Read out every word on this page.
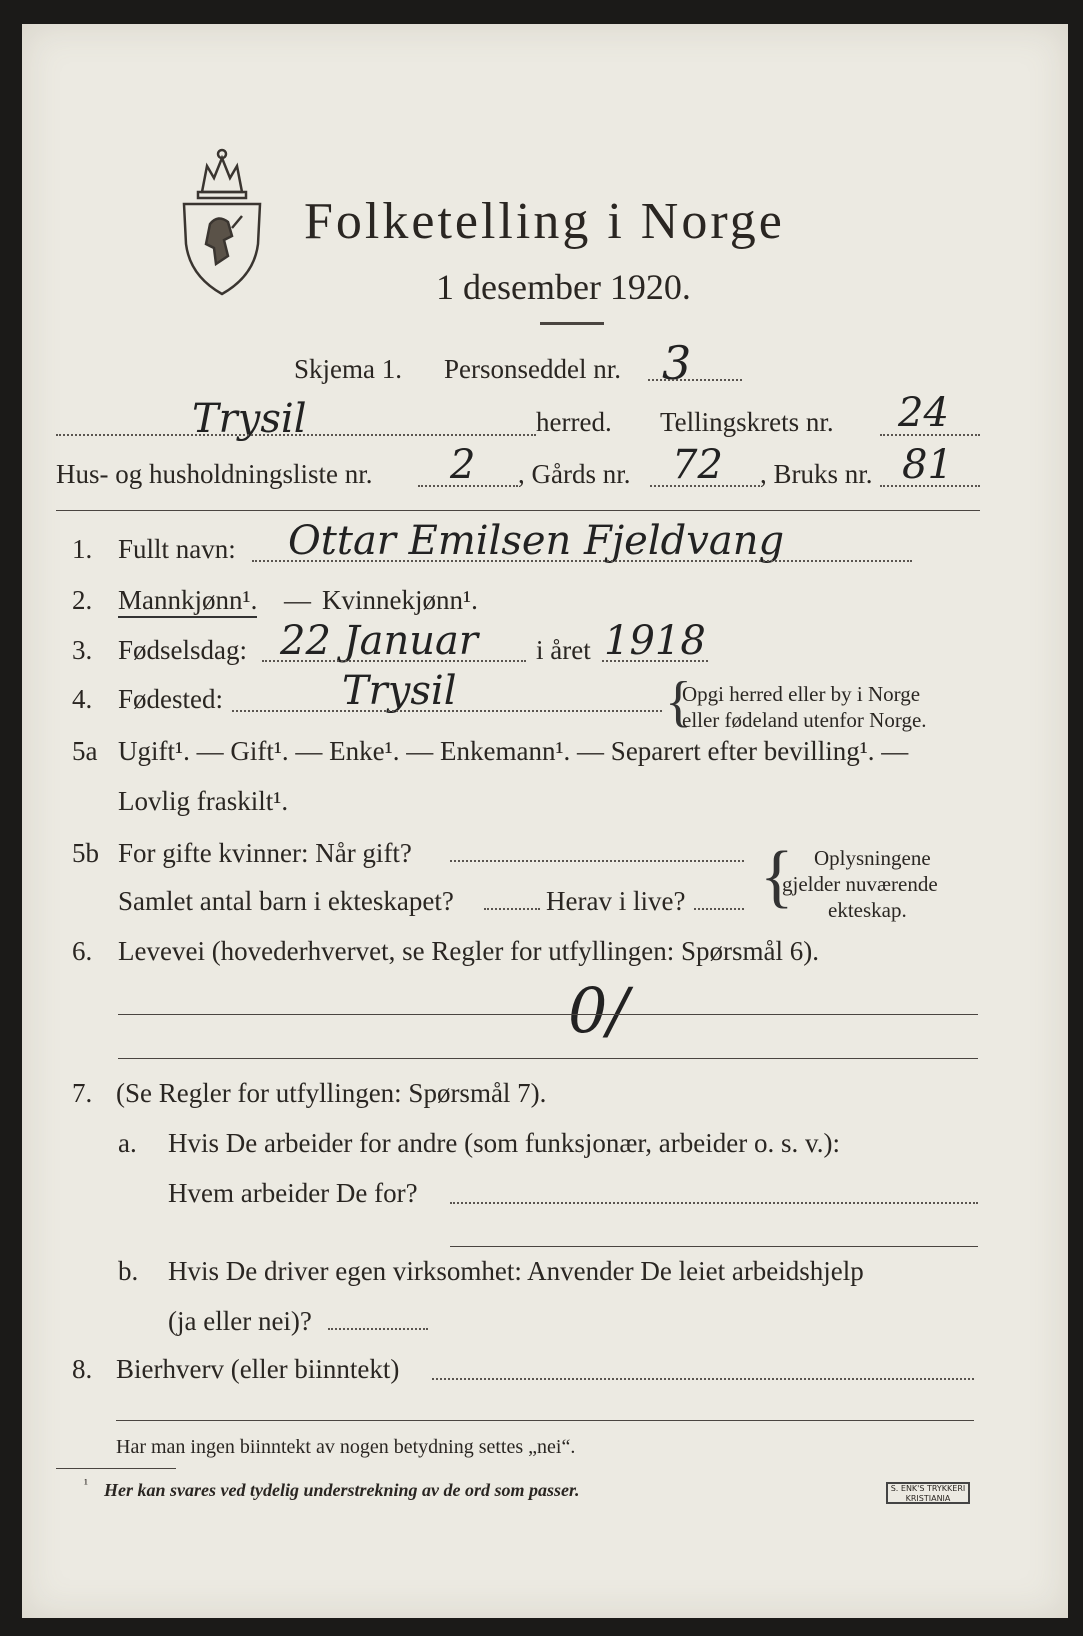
Folketelling i Norge
1 desember 1920.
Skjema 1. Personseddel nr. 3
Trysil	herred. Tellingskrets nr. 24
Hus- og husholdningsliste nr. 2 , Gårds nr. 72 , Bruks nr. 81
1. Fullt navn: Ottar Emilsen Fjeldvang
2. Mannkjønn¹. — Kvinnekjønn¹.
3. Fødselsdag: 22 Januar i året 1918
4. Fødested:	Trysil	{
Opgi herred eller by i Norge
eller fødeland utenfor Norge.
5a Ugift¹. — Gift¹. — Enke¹. — Enkemann¹. — Separert efter bevilling¹. —
Lovlig fraskilt¹.
5b For gifte kvinner: Når gift?
Samlet antal barn i ekteskapet?	Herav i live? { Oplysningene
gjelder nuværende
ekteskap.
6. Levevei (hovederhvervet, se Regler for utfyllingen: Spørsmål 6).
0/
7. (Se Regler for utfyllingen: Spørsmål 7).
a. Hvis De arbeider for andre (som funksjonær, arbeider o. s. v.):
Hvem arbeider De for?
b. Hvis De driver egen virksomhet: Anvender De leiet arbeidshjelp
(ja eller nei)?
8. Bierhverv (eller biinntekt)
Har man ingen biinntekt av nogen betydning settes „nei“.
¹ Her kan svares ved tydelig understrekning av de ord som passer.	S. ENK'S TRYKKERI KRISTIANIA
